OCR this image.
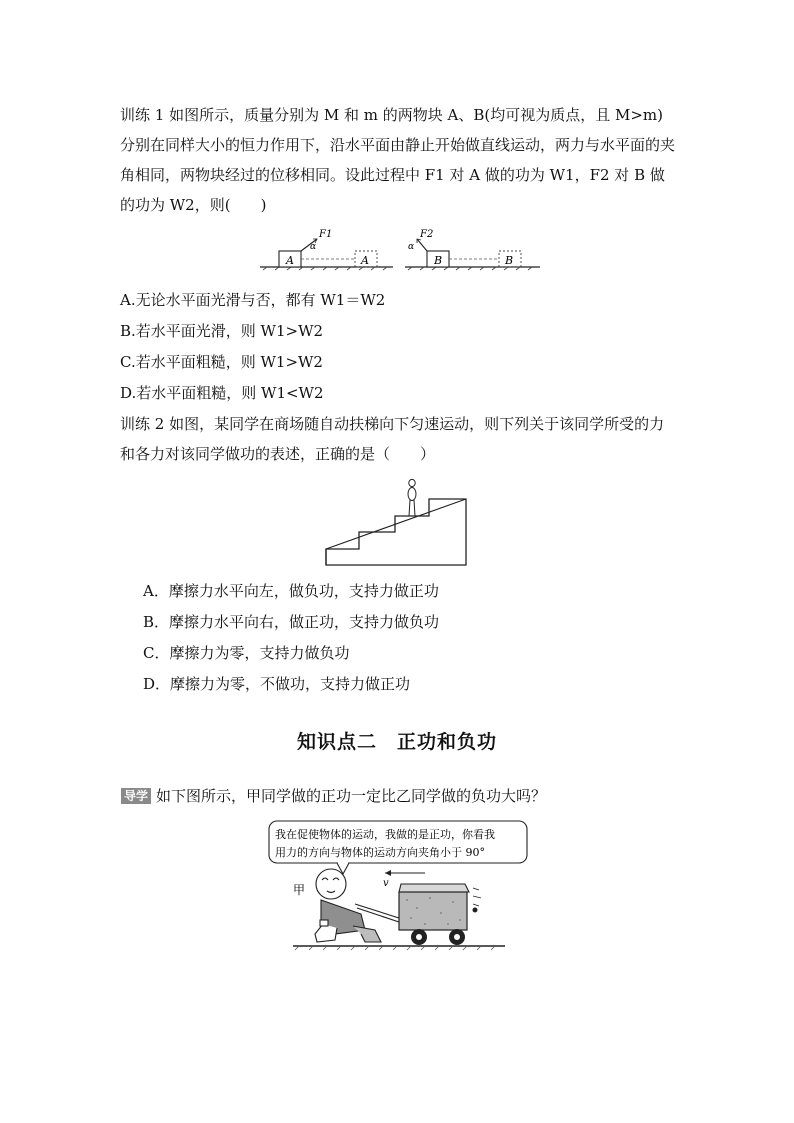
训练 1 如图所示，质量分别为 M 和 m 的两物块 A、B(均可视为质点，且 M>m)分别在同样大小的恒力作用下，沿水平面由静止开始做直线运动，两力与水平面的夹角相同，两物块经过的位移相同。设此过程中 F1 对 A 做的功为 W1，F2 对 B 做的功为 W2，则(　　)
A
F1
α
A	B
F2
α
B
A.无论水平面光滑与否，都有 W1＝W2
B.若水平面光滑，则 W1>W2
C.若水平面粗糙，则 W1>W2
D.若水平面粗糙，则 W1<W2
训练 2 如图，某同学在商场随自动扶梯向下匀速运动，则下列关于该同学所受的力和各力对该同学做功的表述，正确的是（　　）
A．摩擦力水平向左，做负功，支持力做正功
B．摩擦力水平向右，做正功，支持力做负功
C．摩擦力为零，支持力做负功
D．摩擦力为零，不做功，支持力做正功
知识点二　正功和负功
导学 如下图所示，甲同学做的正功一定比乙同学做的负功大吗？
我在促使物体的运动，我做的是正功，你看我
用力的方向与物体的运动方向夹角小于 90°
v
甲
